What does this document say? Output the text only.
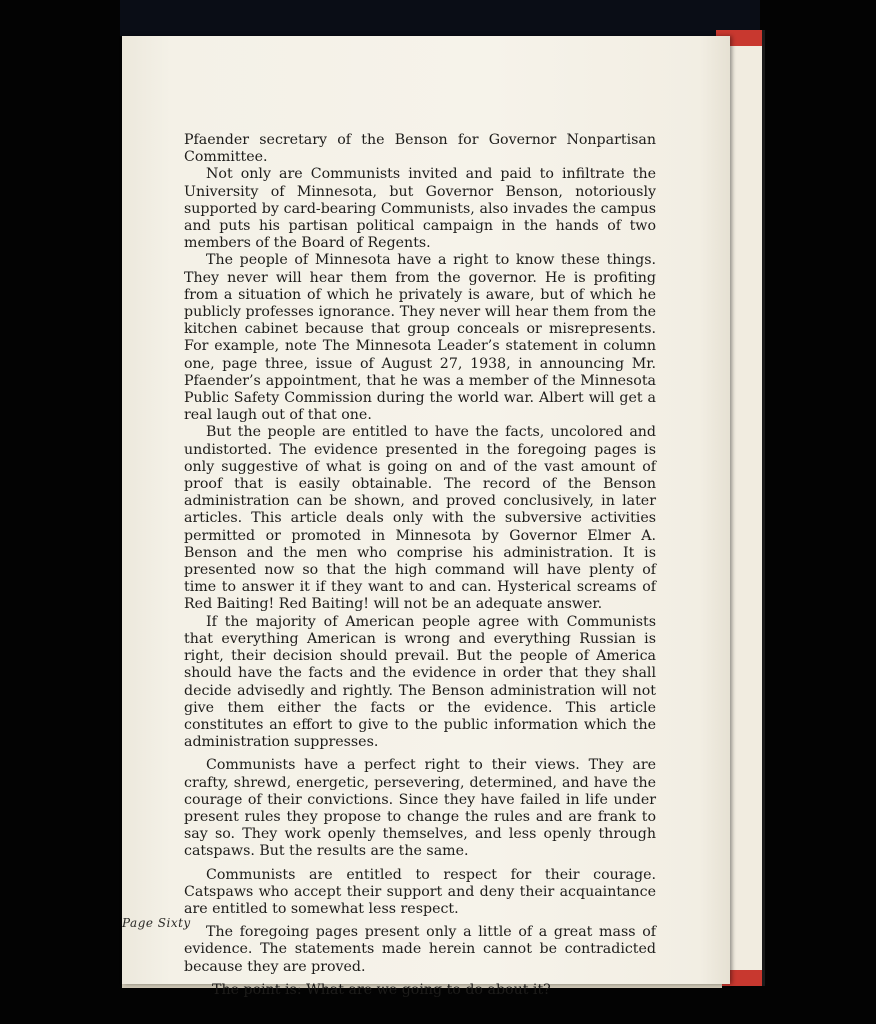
Pfaender secretary of the Benson for Governor Nonpartisan Committee.

Not only are Communists invited and paid to infiltrate the University of Minnesota, but Governor Benson, notoriously supported by card-bearing Communists, also invades the campus and puts his partisan political campaign in the hands of two members of the Board of Regents.

The people of Minnesota have a right to know these things. They never will hear them from the governor. He is profiting from a situation of which he privately is aware, but of which he publicly professes ignorance. They never will hear them from the kitchen cabinet because that group conceals or misrepresents. For example, note The Minnesota Leader’s statement in column one, page three, issue of August 27, 1938, in announcing Mr. Pfaender’s appointment, that he was a member of the Minnesota Public Safety Commission during the world war. Albert will get a real laugh out of that one.

But the people are entitled to have the facts, uncolored and undistorted. The evidence presented in the foregoing pages is only suggestive of what is going on and of the vast amount of proof that is easily obtainable. The record of the Benson administration can be shown, and proved conclusively, in later articles. This article deals only with the subversive activities permitted or promoted in Minnesota by Governor Elmer A. Benson and the men who comprise his administration. It is presented now so that the high command will have plenty of time to answer it if they want to and can. Hysterical screams of Red Baiting! Red Baiting! will not be an adequate answer.

If the majority of American people agree with Communists that everything American is wrong and everything Russian is right, their decision should prevail. But the people of America should have the facts and the evidence in order that they shall decide advisedly and rightly. The Benson administration will not give them either the facts or the evidence. This article constitutes an effort to give to the public information which the administration suppresses.

Communists have a perfect right to their views. They are crafty, shrewd, energetic, persevering, determined, and have the courage of their convictions. Since they have failed in life under present rules they propose to change the rules and are frank to say so. They work openly themselves, and less openly through catspaws. But the results are the same.

Communists are entitled to respect for their courage. Catspaws who accept their support and deny their acquaintance are entitled to somewhat less respect.

The foregoing pages present only a little of a great mass of evidence. The statements made herein cannot be contradicted because they are proved.

The point is: What are we going to do about it?

Page Sixty
